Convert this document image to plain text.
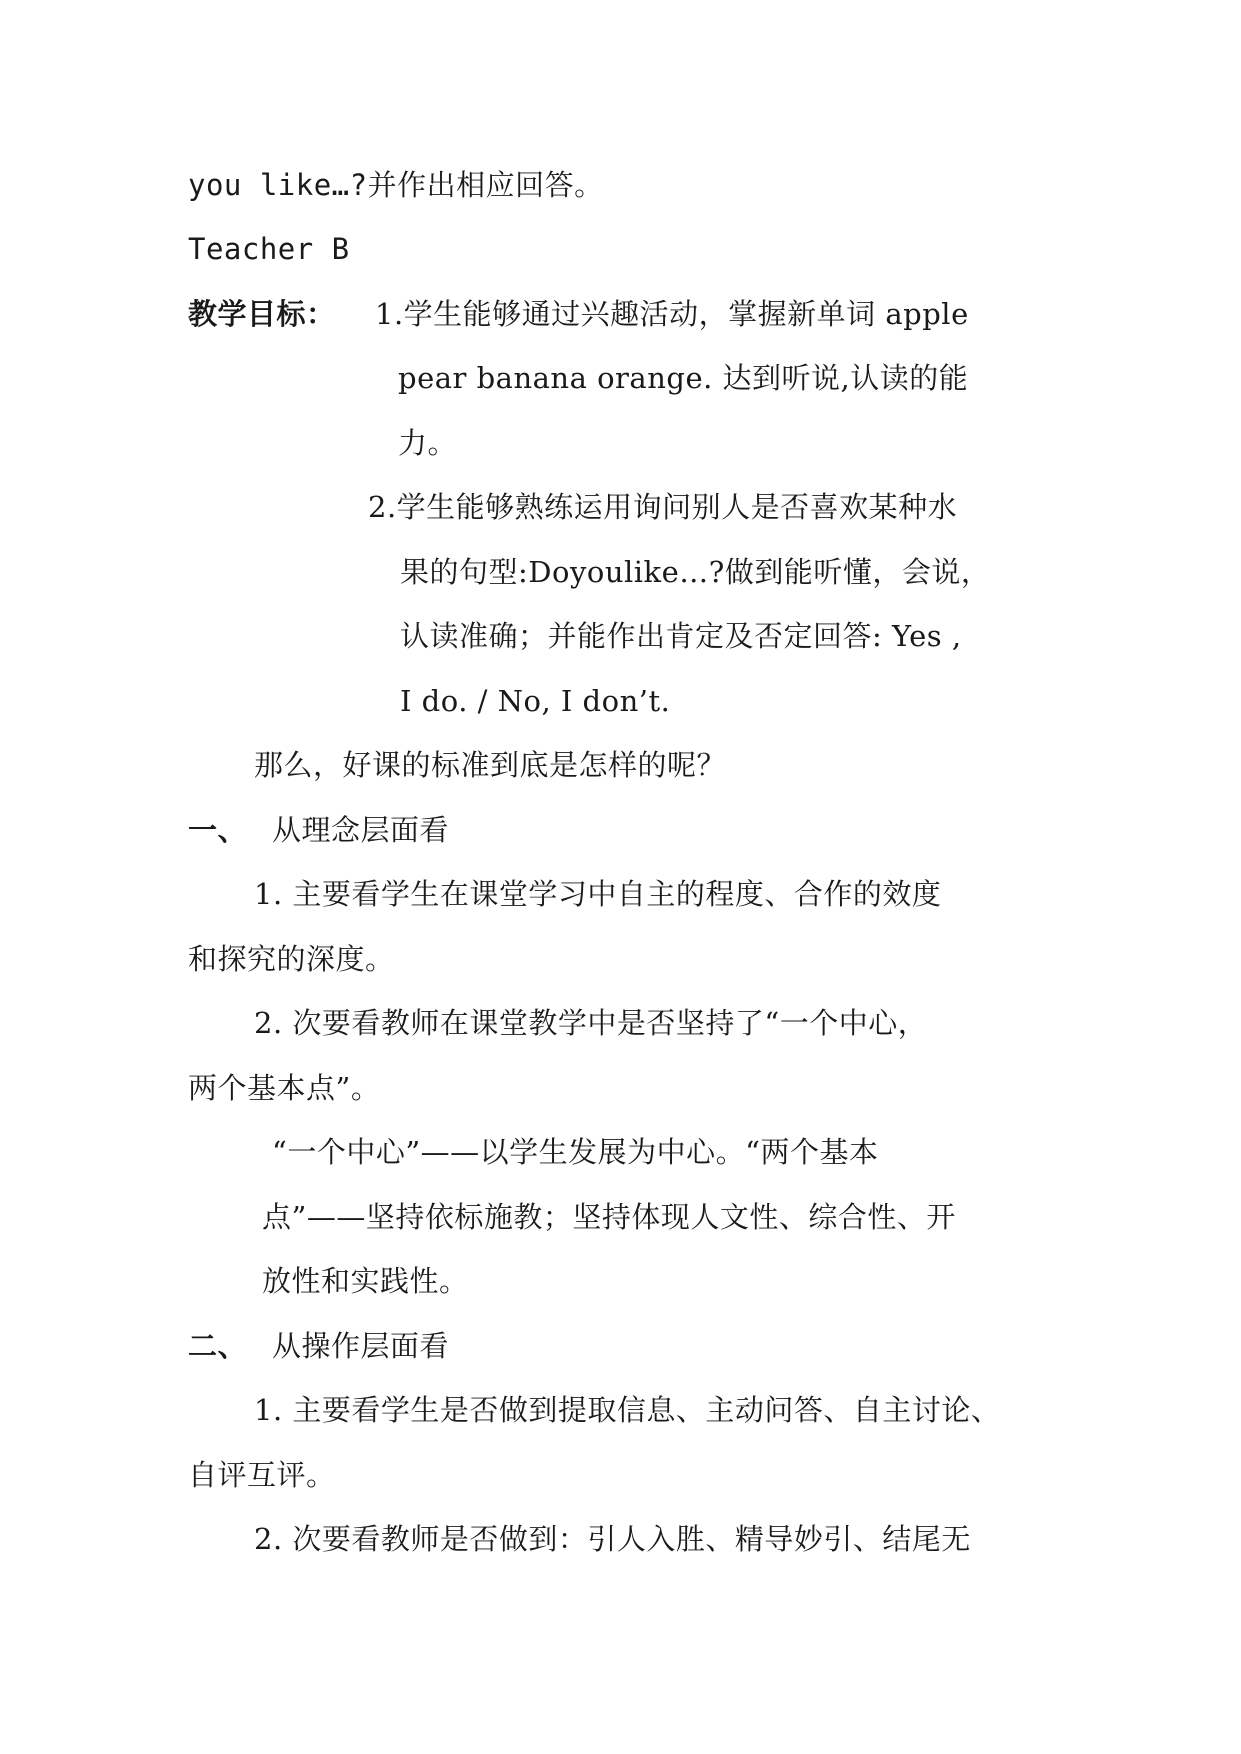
you like…?并作出相应回答。
Teacher B
教学目标： 1.学生能够通过兴趣活动，掌握新单词 apple
pear banana orange. 达到听说,认读的能
力。
2.学生能够熟练运用询问别人是否喜欢某种水
果的句型:Doyoulike…?做到能听懂，会说，
认读准确；并能作出肯定及否定回答: Yes ,
I do. / No, I don’t.
那么，好课的标准到底是怎样的呢？
一、 从理念层面看
1. 主要看学生在课堂学习中自主的程度、合作的效度
和探究的深度。
2. 次要看教师在课堂教学中是否坚持了“一个中心，
两个基本点”。
“一个中心”——以学生发展为中心。“两个基本
点”——坚持依标施教；坚持体现人文性、综合性、开
放性和实践性。
二、 从操作层面看
1. 主要看学生是否做到提取信息、主动问答、自主讨论、
自评互评。
2. 次要看教师是否做到：引人入胜、精导妙引、结尾无
